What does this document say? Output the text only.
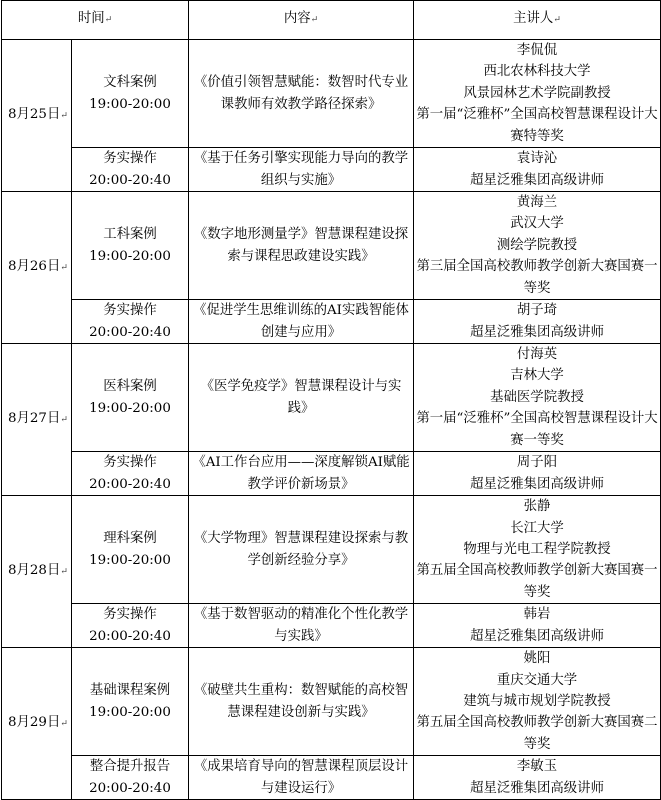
时间↵		内容↵	主讲人↵
8月25日↵	文科案例
19:00-20:00	《价值引领智慧赋能：数智时代专业课教师有效教学路径探索》	李侃侃
西北农林科技大学
风景园林艺术学院副教授
第一届“泛雅杯”全国高校智慧课程设计大赛特等奖

	务实操作
20:00-20:40	《基于任务引擎实现能力导向的教学组织与实施》	袁诗沁
超星泛雅集团高级讲师

8月26日↵	工科案例
19:00-20:00	《数字地形测量学》智慧课程建设探索与课程思政建设实践》	黄海兰
武汉大学
测绘学院教授
第三届全国高校教师教学创新大赛国赛一等奖

	务实操作
20:00-20:40	《促进学生思维训练的AI实践智能体创建与应用》	胡子琦
超星泛雅集团高级讲师

8月27日↵	医科案例
19:00-20:00	《医学免疫学》智慧课程设计与实践》	付海英
吉林大学
基础医学院教授
第一届“泛雅杯”全国高校智慧课程设计大赛一等奖

	务实操作
20:00-20:40	《AI工作台应用——深度解锁AI赋能教学评价新场景》	周子阳
超星泛雅集团高级讲师

8月28日↵	理科案例
19:00-20:00	《大学物理》智慧课程建设探索与教学创新经验分享》	张静
长江大学
物理与光电工程学院教授
第五届全国高校教师教学创新大赛国赛一等奖

	务实操作
20:00-20:40	《基于数智驱动的精准化个性化教学与实践》	韩岩
超星泛雅集团高级讲师

8月29日↵	基础课程案例
19:00-20:00	《破壁共生重构：数智赋能的高校智慧课程建设创新与实践》	姚阳
重庆交通大学
建筑与城市规划学院教授
第五届全国高校教师教学创新大赛国赛二等奖

	整合提升报告
20:00-20:40	《成果培育导向的智慧课程顶层设计与建设运行》	李敏玉
超星泛雅集团高级讲师
